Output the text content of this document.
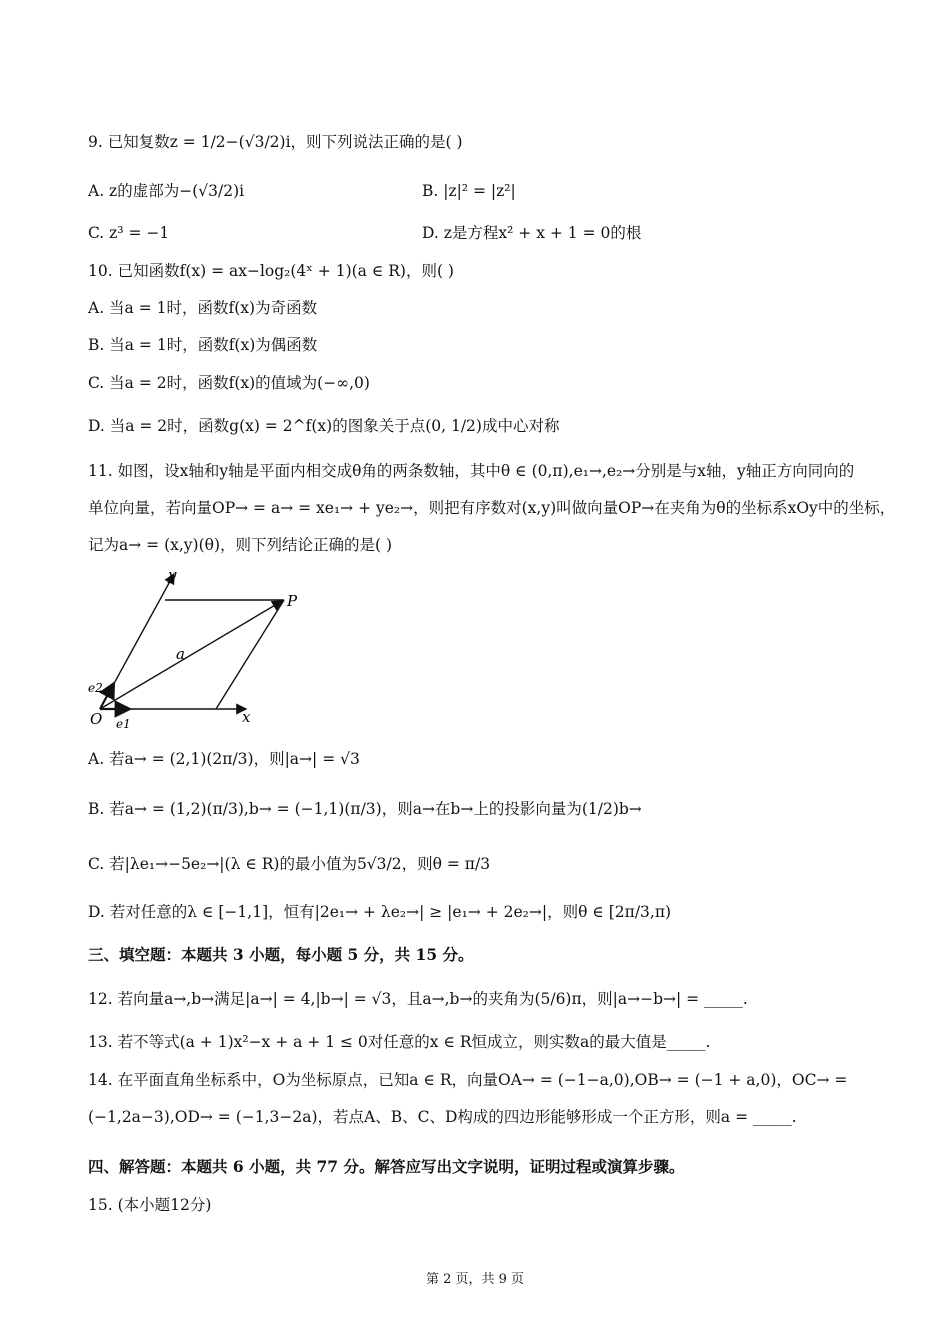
9. 已知复数z = 1/2−(√3/2)i，则下列说法正确的是( )
A. z的虚部为−(√3/2)i	B. |z|² = |z²|
C. z³ = −1	D. z是方程x² + x + 1 = 0的根
10. 已知函数f(x) = ax−log₂(4ˣ + 1)(a ∈ R)，则( )
A. 当a = 1时，函数f(x)为奇函数
B. 当a = 1时，函数f(x)为偶函数
C. 当a = 2时，函数f(x)的值域为(−∞,0)
D. 当a = 2时，函数g(x) = 2^f(x)的图象关于点(0, 1/2)成中心对称
11. 如图，设x轴和y轴是平面内相交成θ角的两条数轴，其中θ ∈ (0,π),e₁→,e₂→分别是与x轴，y轴正方向同向的
单位向量，若向量OP→ = a→ = xe₁→ + ye₂→，则把有序数对(x,y)叫做向量OP→在夹角为θ的坐标系xOy中的坐标，
记为a→ = (x,y)(θ)，则下列结论正确的是( )
y
P
a
e2
O e1	x
A. 若a→ = (2,1)(2π/3)，则|a→| = √3
B. 若a→ = (1,2)(π/3),b→ = (−1,1)(π/3)，则a→在b→上的投影向量为(1/2)b→
C. 若|λe₁→−5e₂→|(λ ∈ R)的最小值为5√3/2，则θ = π/3
D. 若对任意的λ ∈ [−1,1]，恒有|2e₁→ + λe₂→| ≥ |e₁→ + 2e₂→|，则θ ∈ [2π/3,π)
三、填空题：本题共 3 小题，每小题 5 分，共 15 分。
12. 若向量a→,b→满足|a→| = 4,|b→| = √3，且a→,b→的夹角为(5/6)π，则|a→−b→| = _____.
13. 若不等式(a + 1)x²−x + a + 1 ≤ 0对任意的x ∈ R恒成立，则实数a的最大值是_____.
14. 在平面直角坐标系中，O为坐标原点，已知a ∈ R，向量OA→ = (−1−a,0),OB→ = (−1 + a,0)，OC→ =
(−1,2a−3),OD→ = (−1,3−2a)，若点A、B、C、D构成的四边形能够形成一个正方形，则a = _____.
四、解答题：本题共 6 小题，共 77 分。解答应写出文字说明，证明过程或演算步骤。
15. (本小题12分)
第 2 页，共 9 页
